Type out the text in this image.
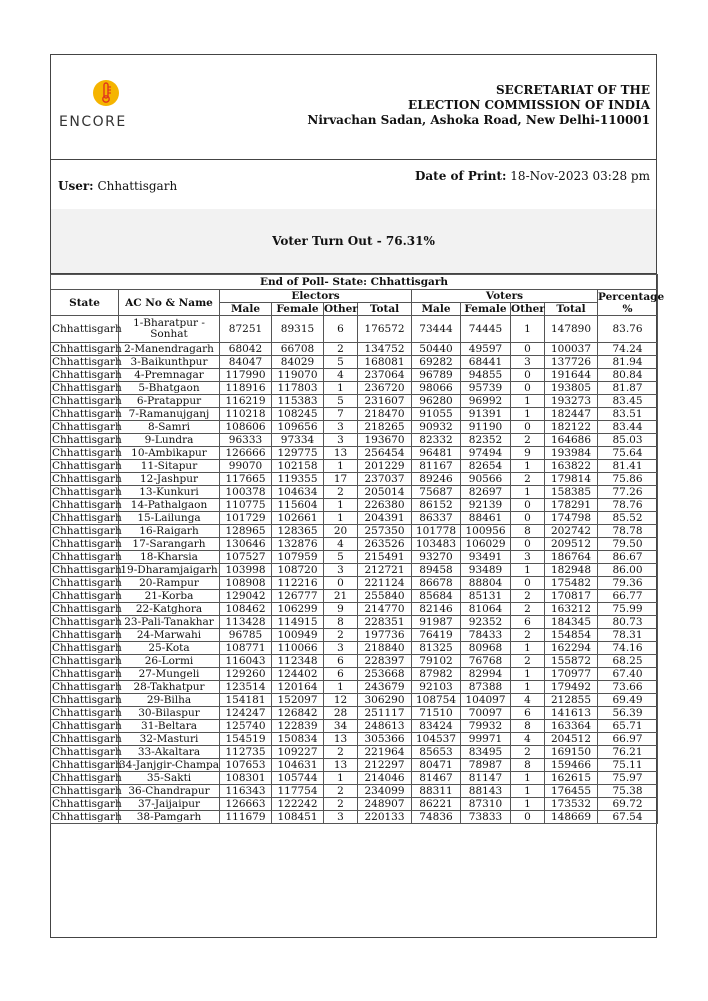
ENCORE
SECRETARIAT OF THE
ELECTION COMMISSION OF INDIA
Nirvachan Sadan, Ashoka Road, New Delhi-110001
User: Chhattisgarh
Date of Print: 18-Nov-2023 03:28 pm
Voter Turn Out - 76.31%
End of Poll- State: Chhattisgarh										
State	AC No & Name	Electors				Voters				Percentage %
		Male	Female	Other	Total	Male	Female	Other	Total	
Chhattisgarh	1-Bharatpur - Sonhat	87251	89315	6	176572	73444	74445	1	147890	83.76
Chhattisgarh	2-Manendragarh	68042	66708	2	134752	50440	49597	0	100037	74.24
Chhattisgarh	3-Baikunthpur	84047	84029	5	168081	69282	68441	3	137726	81.94
Chhattisgarh	4-Premnagar	117990	119070	4	237064	96789	94855	0	191644	80.84
Chhattisgarh	5-Bhatgaon	118916	117803	1	236720	98066	95739	0	193805	81.87
Chhattisgarh	6-Pratappur	116219	115383	5	231607	96280	96992	1	193273	83.45
Chhattisgarh	7-Ramanujganj	110218	108245	7	218470	91055	91391	1	182447	83.51
Chhattisgarh	8-Samri	108606	109656	3	218265	90932	91190	0	182122	83.44
Chhattisgarh	9-Lundra	96333	97334	3	193670	82332	82352	2	164686	85.03
Chhattisgarh	10-Ambikapur	126666	129775	13	256454	96481	97494	9	193984	75.64
Chhattisgarh	11-Sitapur	99070	102158	1	201229	81167	82654	1	163822	81.41
Chhattisgarh	12-Jashpur	117665	119355	17	237037	89246	90566	2	179814	75.86
Chhattisgarh	13-Kunkuri	100378	104634	2	205014	75687	82697	1	158385	77.26
Chhattisgarh	14-Pathalgaon	110775	115604	1	226380	86152	92139	0	178291	78.76
Chhattisgarh	15-Lailunga	101729	102661	1	204391	86337	88461	0	174798	85.52
Chhattisgarh	16-Raigarh	128965	128365	20	257350	101778	100956	8	202742	78.78
Chhattisgarh	17-Sarangarh	130646	132876	4	263526	103483	106029	0	209512	79.50
Chhattisgarh	18-Kharsia	107527	107959	5	215491	93270	93491	3	186764	86.67
Chhattisgarh	19-Dharamjaigarh	103998	108720	3	212721	89458	93489	1	182948	86.00
Chhattisgarh	20-Rampur	108908	112216	0	221124	86678	88804	0	175482	79.36
Chhattisgarh	21-Korba	129042	126777	21	255840	85684	85131	2	170817	66.77
Chhattisgarh	22-Katghora	108462	106299	9	214770	82146	81064	2	163212	75.99
Chhattisgarh	23-Pali-Tanakhar	113428	114915	8	228351	91987	92352	6	184345	80.73
Chhattisgarh	24-Marwahi	96785	100949	2	197736	76419	78433	2	154854	78.31
Chhattisgarh	25-Kota	108771	110066	3	218840	81325	80968	1	162294	74.16
Chhattisgarh	26-Lormi	116043	112348	6	228397	79102	76768	2	155872	68.25
Chhattisgarh	27-Mungeli	129260	124402	6	253668	87982	82994	1	170977	67.40
Chhattisgarh	28-Takhatpur	123514	120164	1	243679	92103	87388	1	179492	73.66
Chhattisgarh	29-Bilha	154181	152097	12	306290	108754	104097	4	212855	69.49
Chhattisgarh	30-Bilaspur	124247	126842	28	251117	71510	70097	6	141613	56.39
Chhattisgarh	31-Beltara	125740	122839	34	248613	83424	79932	8	163364	65.71
Chhattisgarh	32-Masturi	154519	150834	13	305366	104537	99971	4	204512	66.97
Chhattisgarh	33-Akaltara	112735	109227	2	221964	85653	83495	2	169150	76.21
Chhattisgarh	34-Janjgir-Champa	107653	104631	13	212297	80471	78987	8	159466	75.11
Chhattisgarh	35-Sakti	108301	105744	1	214046	81467	81147	1	162615	75.97
Chhattisgarh	36-Chandrapur	116343	117754	2	234099	88311	88143	1	176455	75.38
Chhattisgarh	37-Jaijaipur	126663	122242	2	248907	86221	87310	1	173532	69.72
Chhattisgarh	38-Pamgarh	111679	108451	3	220133	74836	73833	0	148669	67.54
